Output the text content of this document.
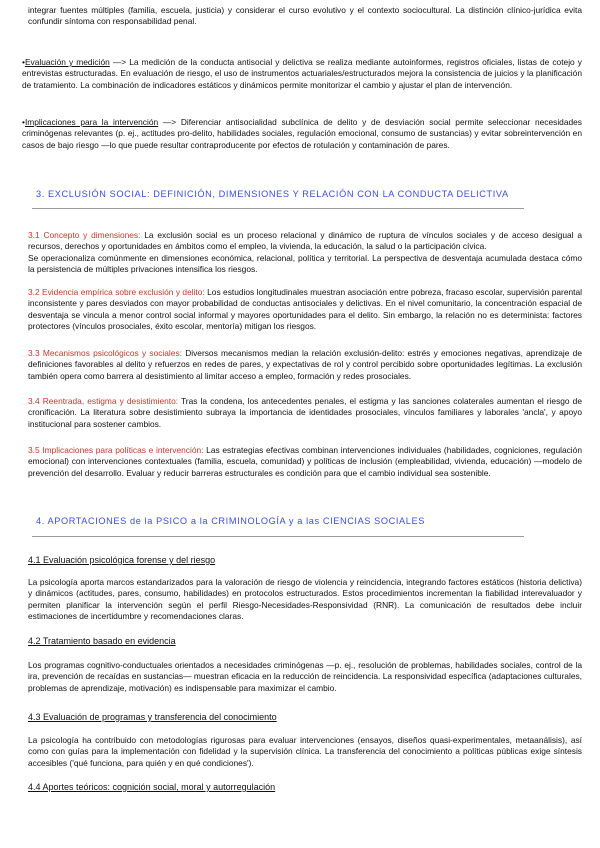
integrar fuentes múltiples (familia, escuela, justicia) y considerar el curso evolutivo y el contexto sociocultural. La distinción clínico-jurídica evita confundir síntoma con responsabilidad penal.

•Evaluación y medición —> La medición de la conducta antisocial y delictiva se realiza mediante autoinformes, registros oficiales, listas de cotejo y entrevistas estructuradas. En evaluación de riesgo, el uso de instrumentos actuariales/estructurados mejora la consistencia de juicios y la planificación de tratamiento. La combinación de indicadores estáticos y dinámicos permite monitorizar el cambio y ajustar el plan de intervención.

•Implicaciones para la intervención —> Diferenciar antisocialidad subclínica de delito y de desviación social permite seleccionar necesidades criminógenas relevantes (p. ej., actitudes pro-delito, habilidades sociales, regulación emocional, consumo de sustancias) y evitar sobreintervención en casos de bajo riesgo —lo que puede resultar contraproducente por efectos de rotulación y contaminación de pares.

3. EXCLUSIÓN SOCIAL: DEFINICIÓN, DIMENSIONES Y RELACIÓN CON LA CONDUCTA DELICTIVA

3.1 Concepto y dimensiones: La exclusión social es un proceso relacional y dinámico de ruptura de vínculos sociales y de acceso desigual a recursos, derechos y oportunidades en ámbitos como el empleo, la vivienda, la educación, la salud o la participación cívica.
Se operacionaliza comúnmente en dimensiones económica, relacional, política y territorial. La perspectiva de desventaja acumulada destaca cómo la persistencia de múltiples privaciones intensifica los riesgos.

3.2 Evidencia empírica sobre exclusión y delito: Los estudios longitudinales muestran asociación entre pobreza, fracaso escolar, supervisión parental inconsistente y pares desviados con mayor probabilidad de conductas antisociales y delictivas. En el nivel comunitario, la concentración espacial de desventaja se vincula a menor control social informal y mayores oportunidades para el delito. Sin embargo, la relación no es determinista: factores protectores (vínculos prosociales, éxito escolar, mentoría) mitigan los riesgos.

3.3 Mecanismos psicológicos y sociales: Diversos mecanismos median la relación exclusión-delito: estrés y emociones negativas, aprendizaje de definiciones favorables al delito y refuerzos en redes de pares, y expectativas de rol y control percibido sobre oportunidades legítimas. La exclusión también opera como barrera al desistimiento al limitar acceso a empleo, formación y redes prosociales.

3.4 Reentrada, estigma y desistimiento: Tras la condena, los antecedentes penales, el estigma y las sanciones colaterales aumentan el riesgo de cronificación. La literatura sobre desistimiento subraya la importancia de identidades prosociales, vínculos familiares y laborales 'ancla', y apoyo institucional para sostener cambios.

3.5 Implicaciones para políticas e intervención: Las estrategias efectivas combinan intervenciones individuales (habilidades, cogniciones, regulación emocional) con intervenciones contextuales (familia, escuela, comunidad) y políticas de inclusión (empleabilidad, vivienda, educación) —modelo de prevención del desarrollo. Evaluar y reducir barreras estructurales es condición para que el cambio individual sea sostenible.

4. APORTACIONES de la PSICO a la CRIMINOLOGÍA y a las CIENCIAS SOCIALES
4.1 Evaluación psicológica forense y del riesgo

La psicología aporta marcos estandarizados para la valoración de riesgo de violencia y reincidencia, integrando factores estáticos (historia delictiva) y dinámicos (actitudes, pares, consumo, habilidades) en protocolos estructurados. Estos procedimientos incrementan la fiabilidad interevaluador y permiten planificar la intervención según el perfil Riesgo-Necesidades-Responsividad (RNR). La comunicación de resultados debe incluir estimaciones de incertidumbre y recomendaciones claras.

4.2 Tratamiento basado en evidencia

Los programas cognitivo-conductuales orientados a necesidades criminógenas —p. ej., resolución de problemas, habilidades sociales, control de la ira, prevención de recaídas en sustancias— muestran eficacia en la reducción de reincidencia. La responsividad específica (adaptaciones culturales, problemas de aprendizaje, motivación) es indispensable para maximizar el cambio.

4.3 Evaluación de programas y transferencia del conocimiento

La psicología ha contribuido con metodologías rigurosas para evaluar intervenciones (ensayos, diseños quasi-experimentales, metaanálisis), así como con guías para la implementación con fidelidad y la supervisión clínica. La transferencia del conocimiento a políticas públicas exige síntesis accesibles ('qué funciona, para quién y en qué condiciones').

4.4 Aportes teóricos: cognición social, moral y autorregulación
